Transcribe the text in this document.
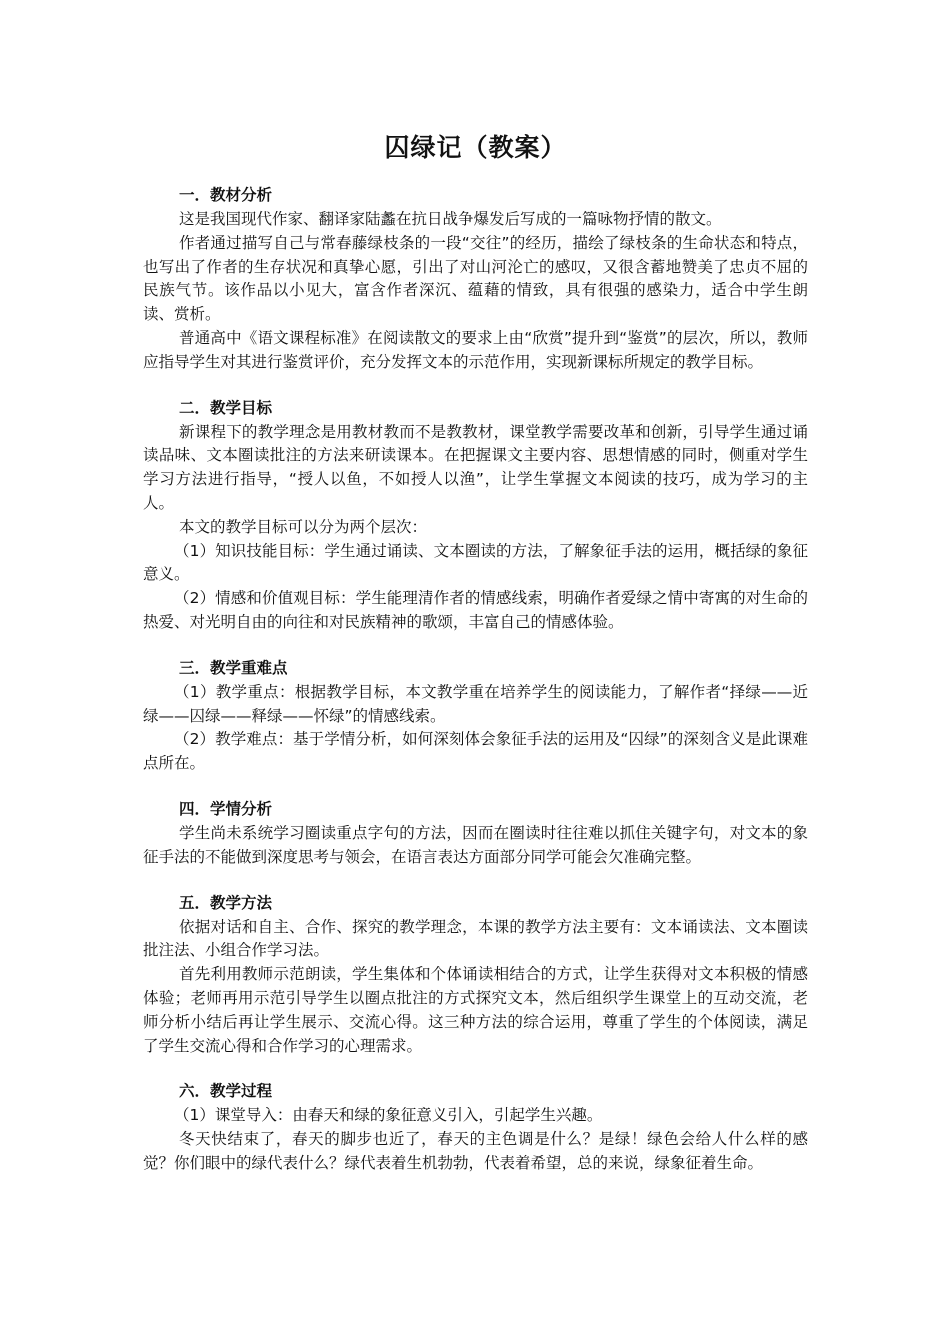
囚绿记（教案）
一．教材分析

这是我国现代作家、翻译家陆蠡在抗日战争爆发后写成的一篇咏物抒情的散文。

作者通过描写自己与常春藤绿枝条的一段“交往”的经历，描绘了绿枝条的生命状态和特点，也写出了作者的生存状况和真挚心愿，引出了对山河沦亡的感叹，又很含蓄地赞美了忠贞不屈的民族气节。该作品以小见大，富含作者深沉、蕴藉的情致，具有很强的感染力，适合中学生朗读、赏析。

普通高中《语文课程标准》在阅读散文的要求上由“欣赏”提升到“鉴赏”的层次，所以，教师应指导学生对其进行鉴赏评价，充分发挥文本的示范作用，实现新课标所规定的教学目标。

二．教学目标

新课程下的教学理念是用教材教而不是教教材，课堂教学需要改革和创新，引导学生通过诵读品味、文本圈读批注的方法来研读课本。在把握课文主要内容、思想情感的同时，侧重对学生学习方法进行指导，“授人以鱼，不如授人以渔”，让学生掌握文本阅读的技巧，成为学习的主人。

本文的教学目标可以分为两个层次：

（1）知识技能目标：学生通过诵读、文本圈读的方法，了解象征手法的运用，概括绿的象征意义。

（2）情感和价值观目标：学生能理清作者的情感线索，明确作者爱绿之情中寄寓的对生命的热爱、对光明自由的向往和对民族精神的歌颂，丰富自己的情感体验。

三．教学重难点

（1）教学重点：根据教学目标，本文教学重在培养学生的阅读能力，了解作者“择绿——近绿——囚绿——释绿——怀绿”的情感线索。

（2）教学难点：基于学情分析，如何深刻体会象征手法的运用及“囚绿”的深刻含义是此课难点所在。

四．学情分析

学生尚未系统学习圈读重点字句的方法，因而在圈读时往往难以抓住关键字句，对文本的象征手法的不能做到深度思考与领会，在语言表达方面部分同学可能会欠准确完整。

五．教学方法

依据对话和自主、合作、探究的教学理念，本课的教学方法主要有：文本诵读法、文本圈读批注法、小组合作学习法。

首先利用教师示范朗读，学生集体和个体诵读相结合的方式，让学生获得对文本积极的情感体验；老师再用示范引导学生以圈点批注的方式探究文本，然后组织学生课堂上的互动交流，老师分析小结后再让学生展示、交流心得。这三种方法的综合运用，尊重了学生的个体阅读，满足了学生交流心得和合作学习的心理需求。

六．教学过程

（1）课堂导入：由春天和绿的象征意义引入，引起学生兴趣。

冬天快结束了，春天的脚步也近了，春天的主色调是什么？是绿！绿色会给人什么样的感觉？你们眼中的绿代表什么？绿代表着生机勃勃，代表着希望，总的来说，绿象征着生命。
